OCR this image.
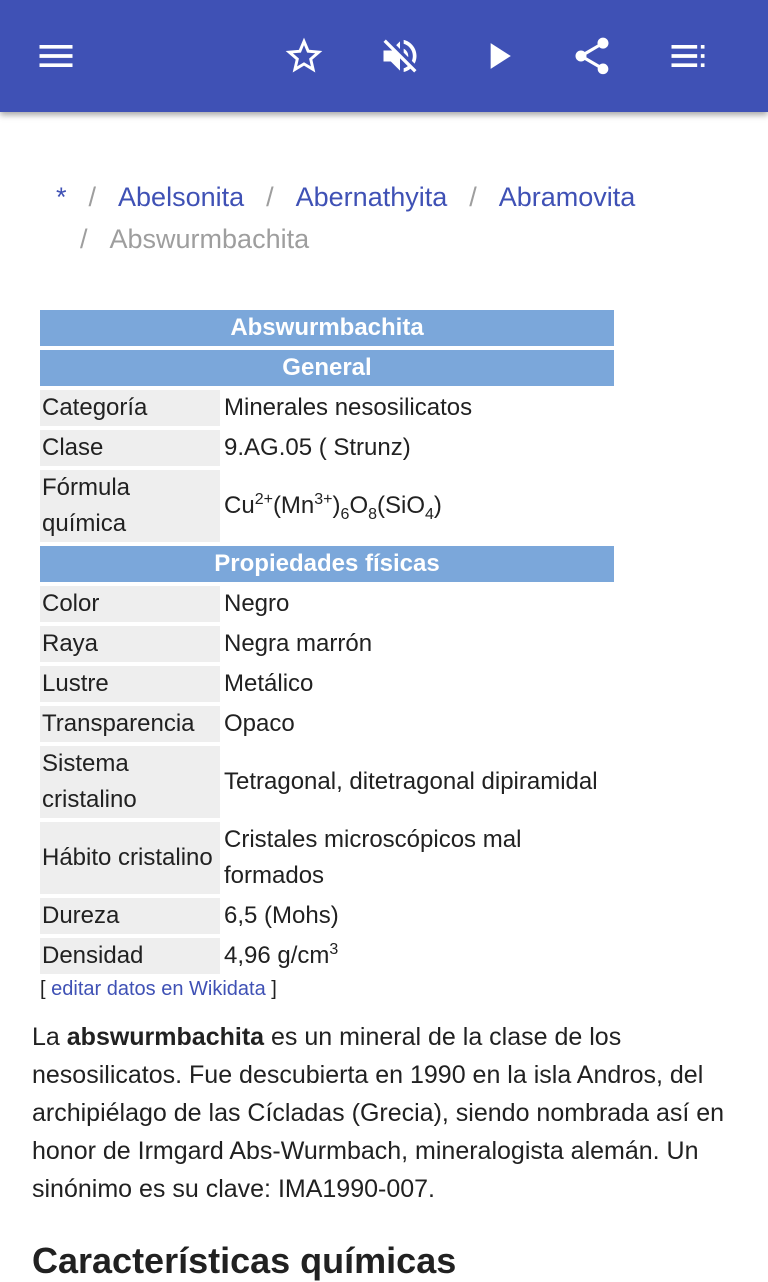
* / Abelsonita / Abernathyita / Abramovita
/ Abswurmbachita
Abswurmbachita	
General	
Categoría	Minerales nesosilicatos
Clase	9.AG.05 ( Strunz)
Fórmula química	$Cu^{2+}(Mn^{3+})_6O_8(SiO_4)$
Propiedades físicas	
Color	Negro
Raya	Negra marrón
Lustre	Metálico
Transparencia	Opaco
Sistema cristalino	Tetragonal, ditetragonal dipiramidal
Hábito cristalino	Cristales microscópicos mal formados
Dureza	6,5 (Mohs)
Densidad	4,96 $g/cm^3$
[ editar datos en Wikidata ]

La abswurmbachita es un mineral de la clase de los nesosilicatos. Fue descubierta en 1990 en la isla Andros, del archipiélago de las Cícladas (Grecia), siendo nombrada así en honor de Irmgard Abs-Wurmbach, mineralogista alemán. Un sinónimo es su clave: IMA1990-007.

Características químicas
